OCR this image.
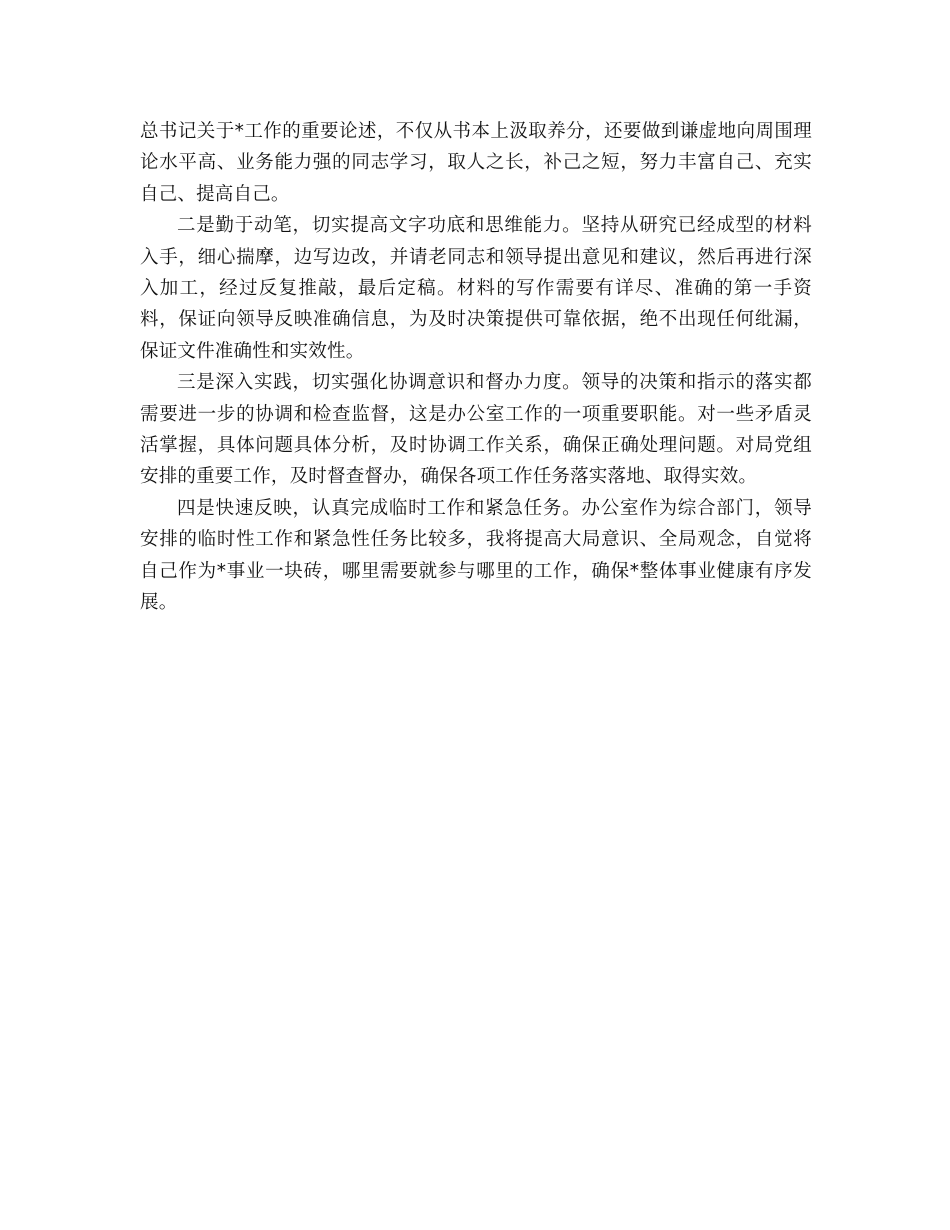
总书记关于*工作的重要论述，不仅从书本上汲取养分，还要做到谦虚地向周围理论水平高、业务能力强的同志学习，取人之长，补己之短，努力丰富自己、充实自己、提高自己。

二是勤于动笔，切实提高文字功底和思维能力。坚持从研究已经成型的材料入手，细心揣摩，边写边改，并请老同志和领导提出意见和建议，然后再进行深入加工，经过反复推敲，最后定稿。材料的写作需要有详尽、准确的第一手资料，保证向领导反映准确信息，为及时决策提供可靠依据，绝不出现任何纰漏，保证文件准确性和实效性。

三是深入实践，切实强化协调意识和督办力度。领导的决策和指示的落实都需要进一步的协调和检查监督，这是办公室工作的一项重要职能。对一些矛盾灵活掌握，具体问题具体分析，及时协调工作关系，确保正确处理问题。对局党组安排的重要工作，及时督查督办，确保各项工作任务落实落地、取得实效。

四是快速反映，认真完成临时工作和紧急任务。办公室作为综合部门，领导安排的临时性工作和紧急性任务比较多，我将提高大局意识、全局观念，自觉将自己作为*事业一块砖，哪里需要就参与哪里的工作，确保*整体事业健康有序发展。
